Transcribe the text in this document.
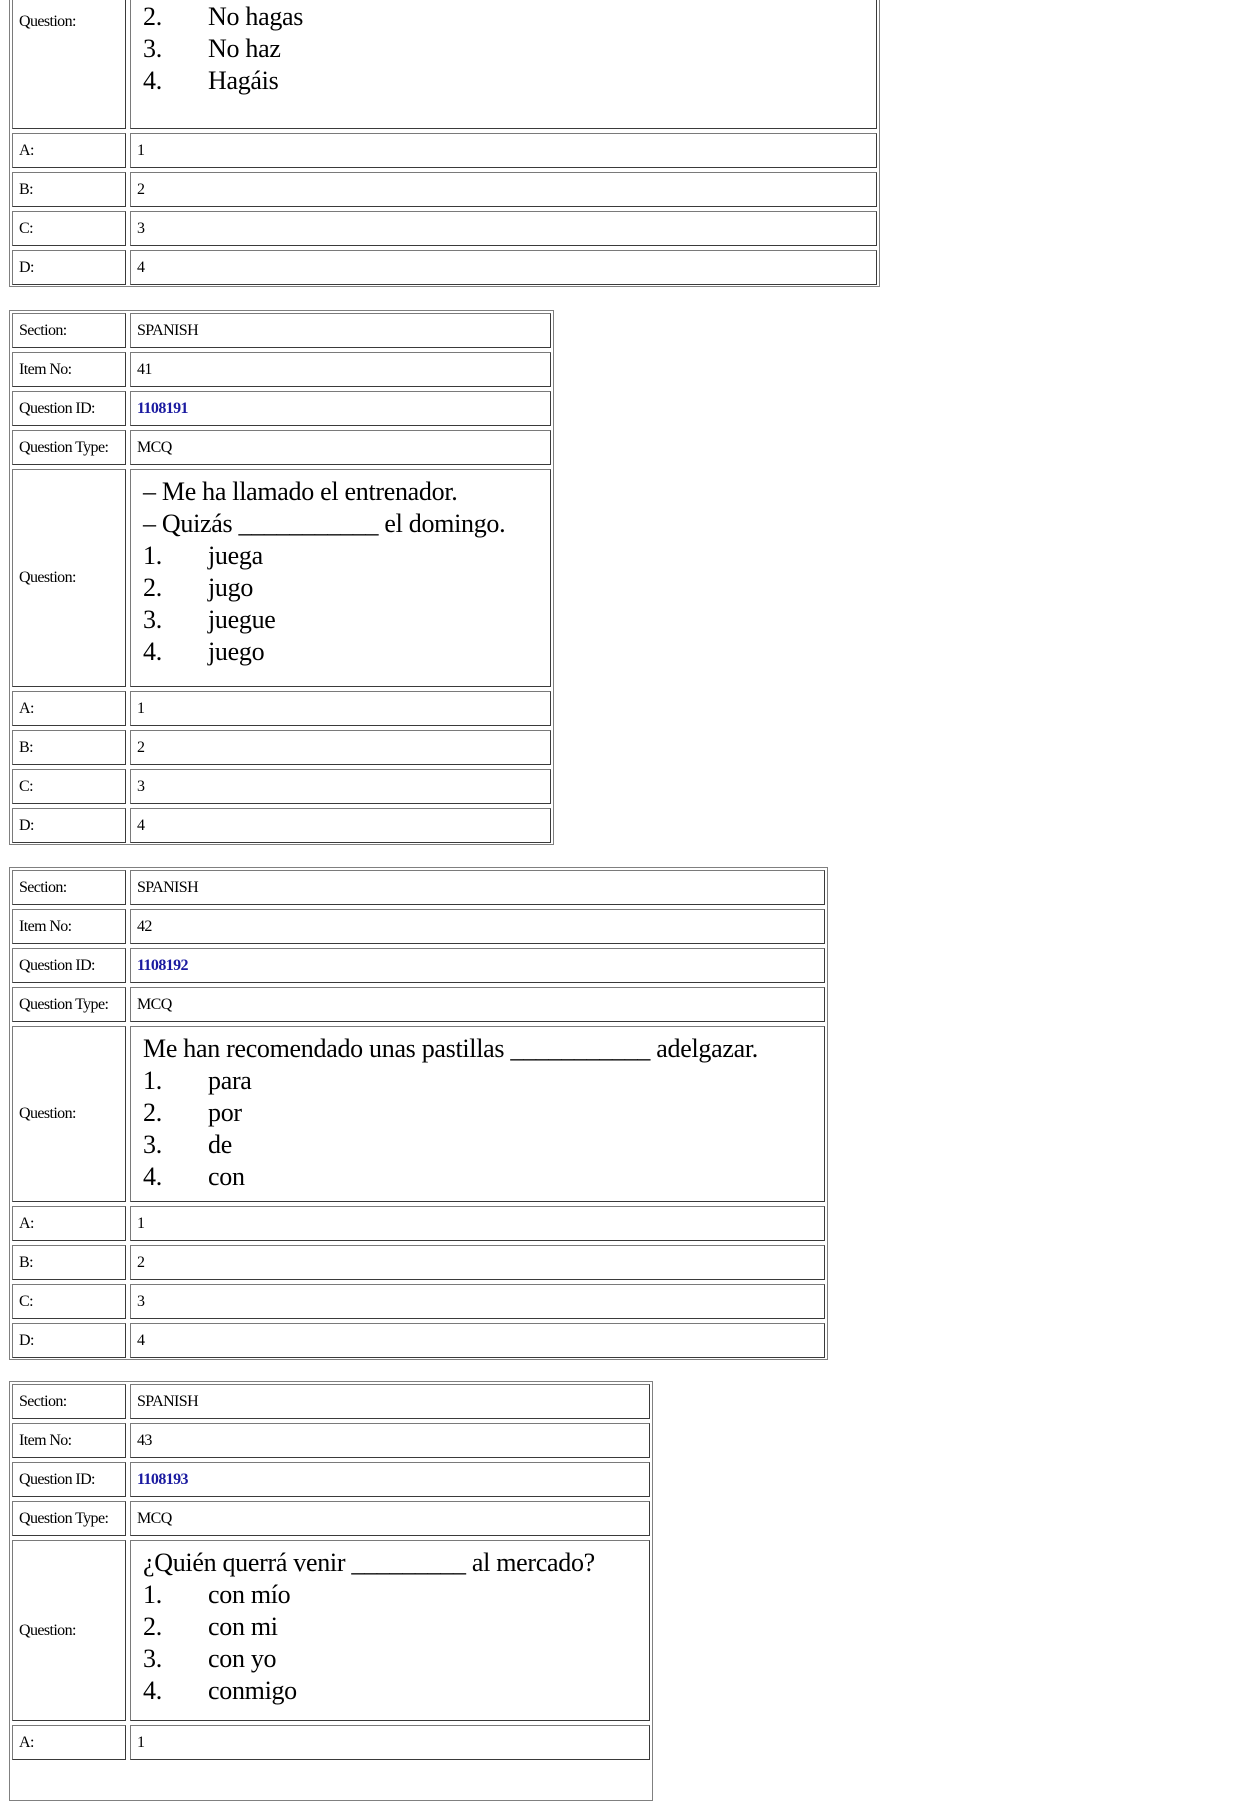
Question:	2.	No hagas
3.	No haz
4.	Hagáis
A:	1
B:	2
C:	3
D:	4
Section:	SPANISH
Item No:	41
Question ID:	1108191
Question Type:	MCQ
Question:
– Me ha llamado el entrenador.
– Quizás ___________ el domingo.
1.	juega
2.	jugo
3.	juegue
4.	juego
A:	1
B:	2
C:	3
D:	4
Section:	SPANISH
Item No:	42
Question ID:	1108192
Question Type:	MCQ
Question:
Me han recomendado unas pastillas ___________ adelgazar.
1.	para
2.	por
3.	de
4.	con
A:	1
B:	2
C:	3
D:	4
Section:	SPANISH
Item No:	43
Question ID:	1108193
Question Type:	MCQ
Question:
¿Quién querrá venir _________ al mercado?
1.	con mío
2.	con mi
3.	con yo
4.	conmigo
A:	1
